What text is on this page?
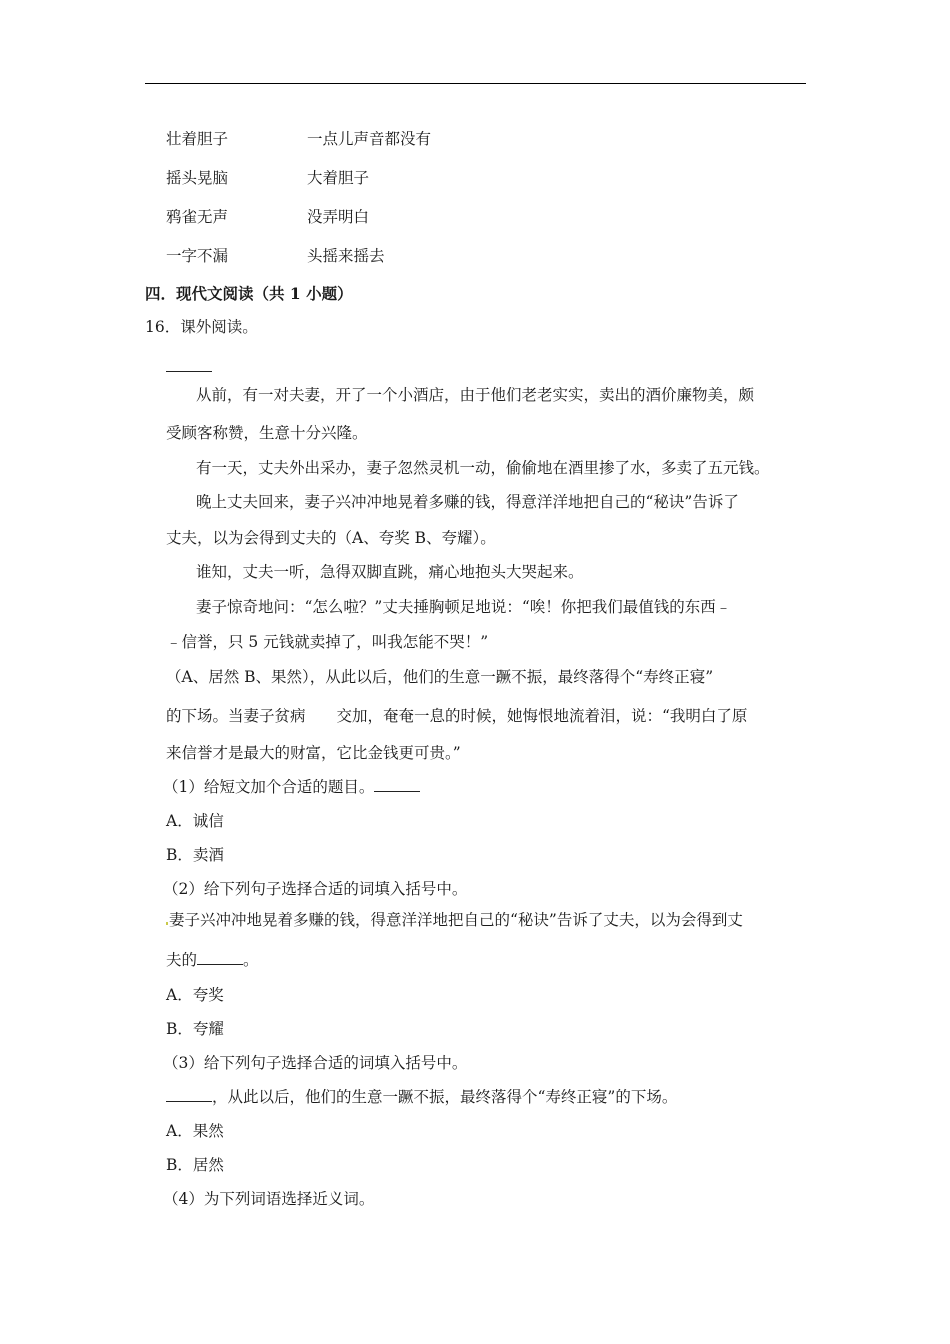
壮着胆子	一点儿声音都没有
摇头晃脑	大着胆子
鸦雀无声	没弄明白
一字不漏	头摇来摇去
四．现代文阅读（共 1 小题）
16．课外阅读。
从前，有一对夫妻，开了一个小酒店，由于他们老老实实，卖出的酒价廉物美，颇
受顾客称赞，生意十分兴隆。
有一天，丈夫外出采办，妻子忽然灵机一动，偷偷地在酒里掺了水，多卖了五元钱。
晚上丈夫回来，妻子兴冲冲地晃着多赚的钱，得意洋洋地把自己的“秘诀”告诉了
丈夫，以为会得到丈夫的（A、夸奖 B、夸耀）。
谁知，丈夫一听，急得双脚直跳，痛心地抱头大哭起来。
妻子惊奇地问：“怎么啦？”丈夫捶胸顿足地说：“唉！你把我们最值钱的东西﹣
﹣信誉，只 5 元钱就卖掉了，叫我怎能不哭！”
（A、居然 B、果然），从此以后，他们的生意一蹶不振，最终落得个“寿终正寝”
的下场。当妻子贫病　　交加，奄奄一息的时候，她悔恨地流着泪，说：“我明白了原
来信誉才是最大的财富，它比金钱更可贵。”
（1）给短文加个合适的题目。
A．诚信
B．卖酒
（2）给下列句子选择合适的词填入括号中。
妻子兴冲冲地晃着多赚的钱，得意洋洋地把自己的“秘诀”告诉了丈夫，以为会得到丈
夫的	。
A．夸奖
B．夸耀
（3）给下列句子选择合适的词填入括号中。
，从此以后，他们的生意一蹶不振，最终落得个“寿终正寝”的下场。
A．果然
B．居然
（4）为下列词语选择近义词。
